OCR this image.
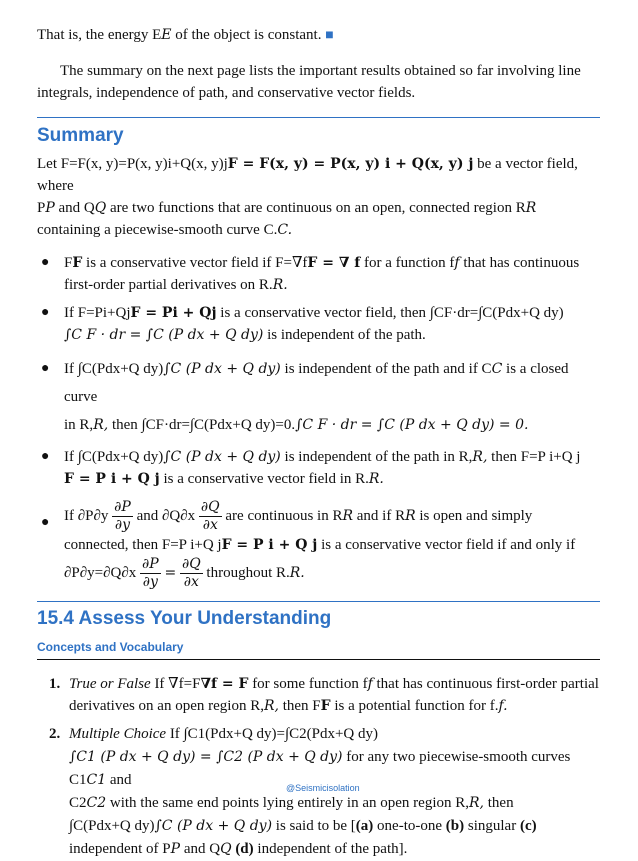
That is, the energy EE of the object is constant. ■

The summary on the next page lists the important results obtained so far involving line integrals, independence of path, and conservative vector fields.

Summary

Let F=F(x, y)=P(x, y)i+Q(x, y)jF = F(x, y) = P(x, y) i + Q(x, y) j be a vector field, where
PP and QQ are two functions that are continuous on an open, connected region RR
containing a piecewise-smooth curve C.C.

● FF is a conservative vector field if F=∇fF = ∇ f for a function ff that has continuous first-order partial derivatives on R.R.
● If F=Pi+QjF = Pi + Qj is a conservative vector field, then ∫CF·dr=∫C(Pdx+Q dy)
∫C F · dr = ∫C (P dx + Q dy) is independent of the path.
● If ∫C(Pdx+Q dy)∫C (P dx + Q dy) is independent of the path and if CC is a closed curve
in R,R, then ∫CF·dr=∫C(Pdx+Q dy)=0.∫C F · dr = ∫C (P dx + Q dy) = 0.
● If ∫C(Pdx+Q dy)∫C (P dx + Q dy) is independent of the path in R,R, then F=P i+Q j
F = P i + Q j is a conservative vector field in R.R.
● If $\partial P\partial y \frac{\partial P}{\partial y}$ and $\partial Q\partial x \frac{\partial Q}{\partial x}$ are continuous in RR and if RR is open and simply connected, then F=P i+Q jF = P i + Q j is a conservative vector field if and only if
$\partial P\partial y=\partial Q\partial x \frac{\partial P}{\partial y} = \frac{\partial Q}{\partial x}$ throughout R.R.
15.4 Assess Your Understanding
Concepts and Vocabulary
1. True or False If ∇f=F∇f = F for some function ff that has continuous first-order partial derivatives on an open region R,R, then FF is a potential function for f.f.
2. Multiple Choice If ∫C1(Pdx+Q dy)=∫C2(Pdx+Q dy)
∫C1 (P dx + Q dy) = ∫C2 (P dx + Q dy) for any two piecewise-smooth curves C1C1 and
C2C2 with the same end points lying entirely in an open region R,R, then
∫C(Pdx+Q dy)∫C (P dx + Q dy) is said to be [(a) one-to-one (b) singular (c)
independent of PP and QQ (d) independent of the path].
@Seismicisolation
